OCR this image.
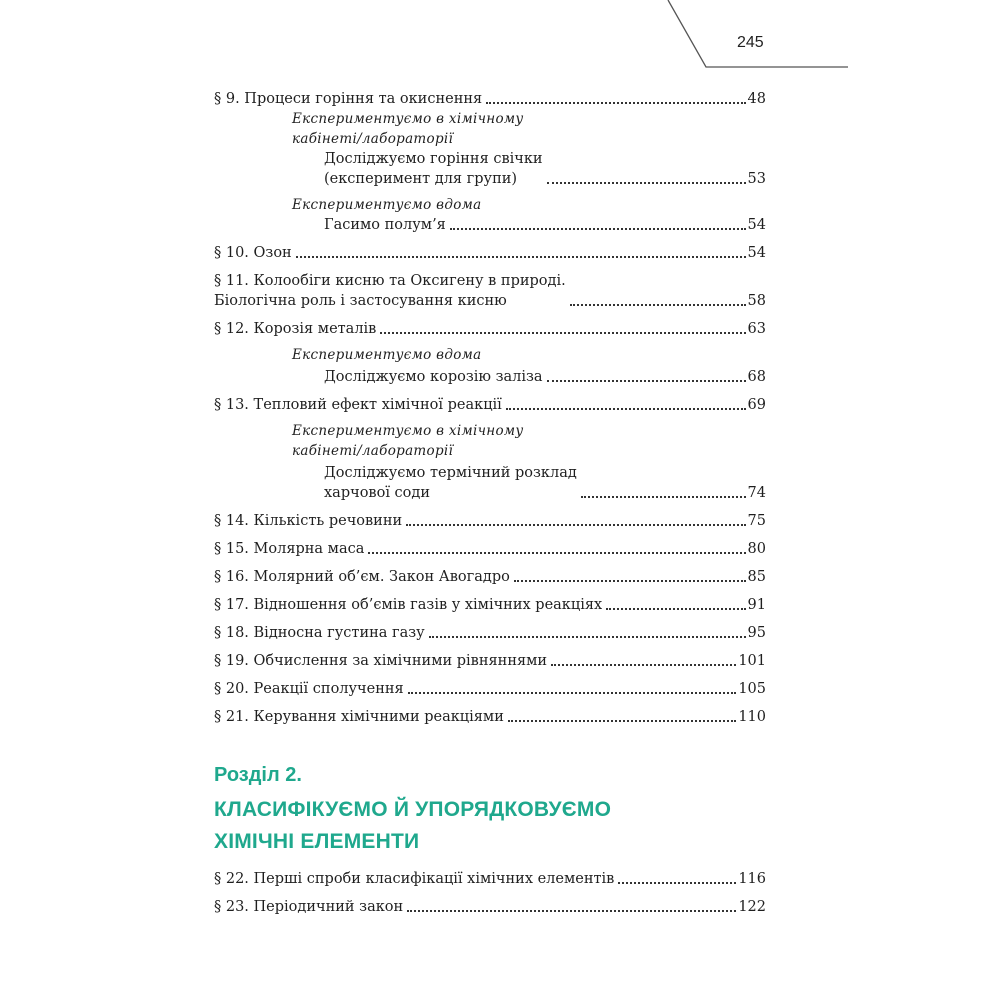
245
§ 9. Процеси горіння та окиснення	48
Експериментуємо в хімічному
кабінеті/лабораторії
Досліджуємо горіння свічки
(експеримент для групи)	53
Експериментуємо вдома
Гасимо полум’я	54
§ 10. Озон	54
§ 11. Колообіги кисню та Оксигену в природі.
Біологічна роль і застосування кисню	58
§ 12. Корозія металів	63
Експериментуємо вдома
Досліджуємо корозію заліза	68
§ 13. Тепловий ефект хімічної реакції	69
Експериментуємо в хімічному
кабінеті/лабораторії
Досліджуємо термічний розклад
харчової соди	74
§ 14. Кількість речовини	75
§ 15. Молярна маса	80
§ 16. Молярний об’єм. Закон Авогадро	85
§ 17. Відношення об’ємів газів у хімічних реакціях	91
§ 18. Відносна густина газу	95
§ 19. Обчислення за хімічними рівняннями	101
§ 20. Реакції сполучення	105
§ 21. Керування хімічними реакціями	110
Розділ 2.
КЛАСИФІКУЄМО Й УПОРЯДКОВУЄМО
ХІМІЧНІ ЕЛЕМЕНТИ
§ 22. Перші спроби класифікації хімічних елементів	116
§ 23. Періодичний закон	122
